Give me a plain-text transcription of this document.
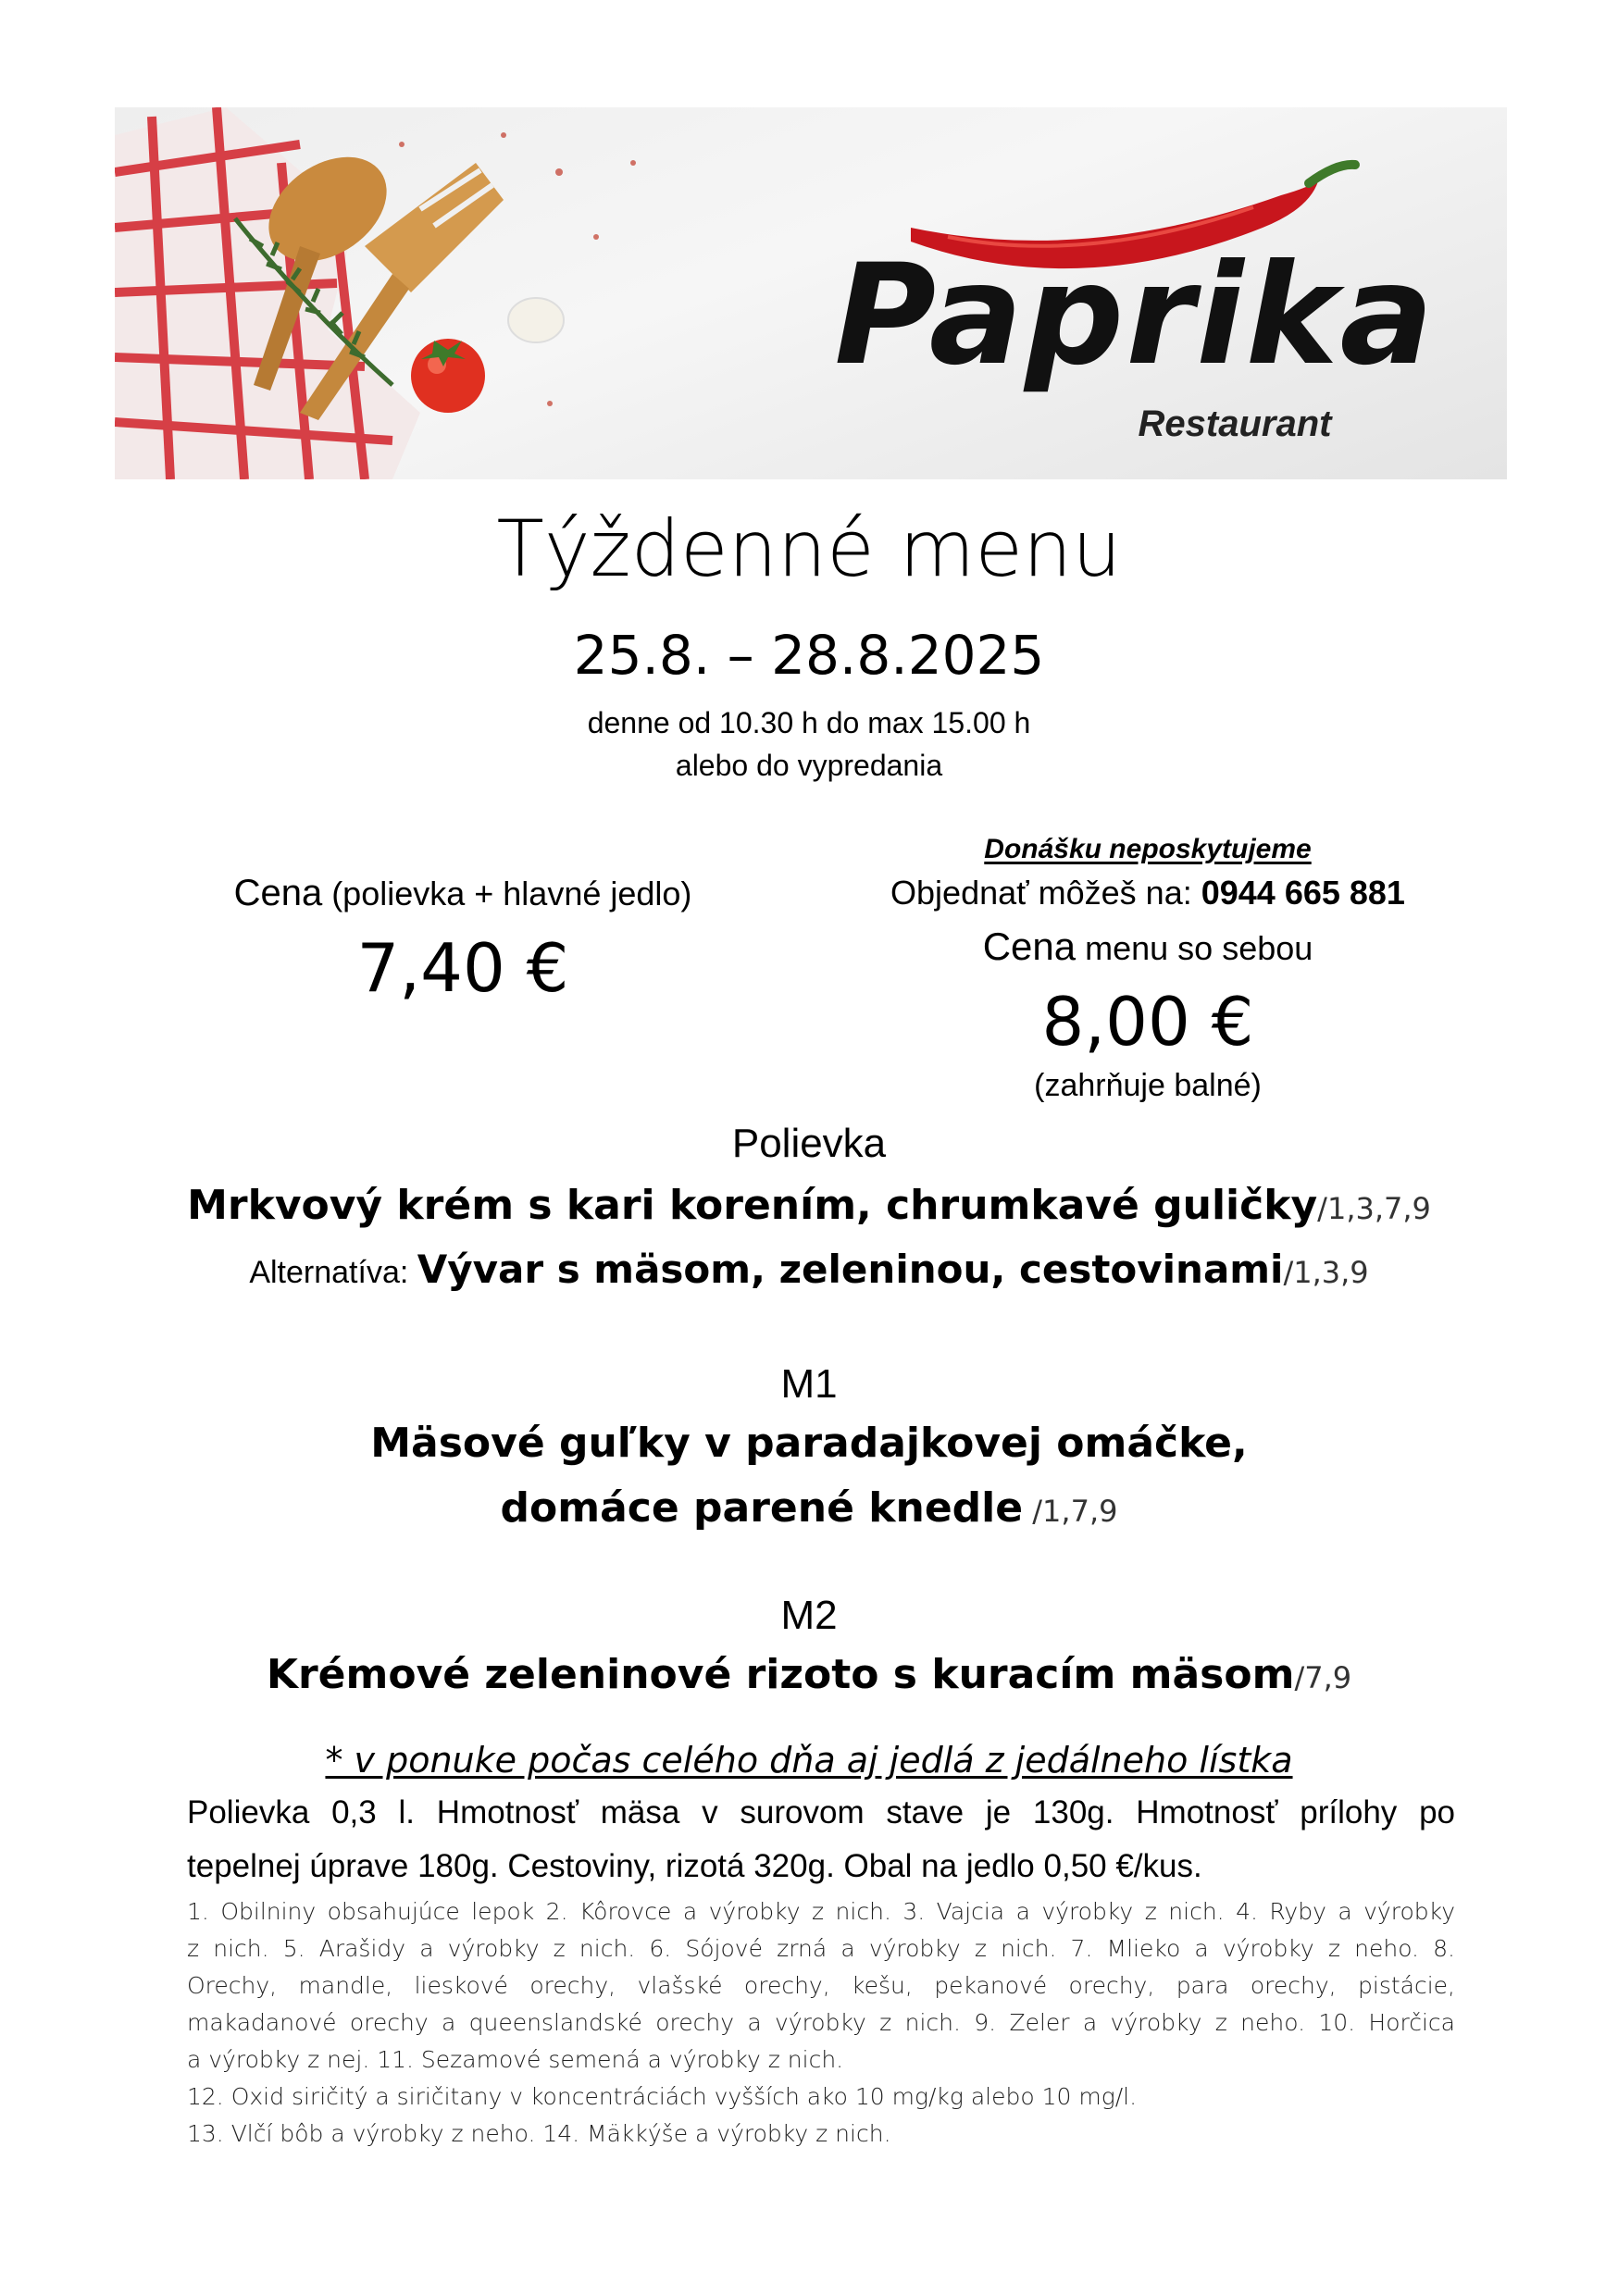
Paprika
Restaurant
Týždenné menu
25.8. – 28.8.2025
denne od 10.30 h do max 15.00 h
alebo do vypredania
Cena (polievka + hlavné jedlo)
7,40 €
Donášku neposkytujeme
Objednať môžeš na: 0944 665 881
Cena menu so sebou
8,00 €
(zahrňuje balné)
Polievka
Mrkvový krém s kari korením, chrumkavé guličky/1,3,7,9
Alternatíva: Vývar s mäsom, zeleninou, cestovinami/1,3,9
M1
Mäsové guľky v paradajkovej omáčke,
domáce parené knedle /1,7,9
M2
Krémové zeleninové rizoto s kuracím mäsom/7,9
* v ponuke počas celého dňa aj jedlá z jedálneho lístka
Polievka 0,3 l. Hmotnosť mäsa v surovom stave je 130g. Hmotnosť prílohy po
tepelnej úprave 180g. Cestoviny, rizotá 320g. Obal na jedlo 0,50 €/kus.
1. Obilniny obsahujúce lepok 2. Kôrovce a výrobky z nich. 3. Vajcia a výrobky z nich. 4. Ryby a výrobky
z nich. 5. Arašidy a výrobky z nich. 6. Sójové zrná a výrobky z nich. 7. Mlieko a výrobky z neho. 8.
Orechy, mandle, lieskové orechy, vlašské orechy, kešu, pekanové orechy, para orechy, pistácie,
makadanové orechy a queenslandské orechy a výrobky z nich. 9. Zeler a výrobky z neho. 10. Horčica
a výrobky z nej. 11. Sezamové semená a výrobky z nich.
12. Oxid siričitý a siričitany v koncentráciách vyšších ako 10 mg/kg alebo 10 mg/l.
13. Vlčí bôb a výrobky z neho. 14. Mäkkýše a výrobky z nich.
